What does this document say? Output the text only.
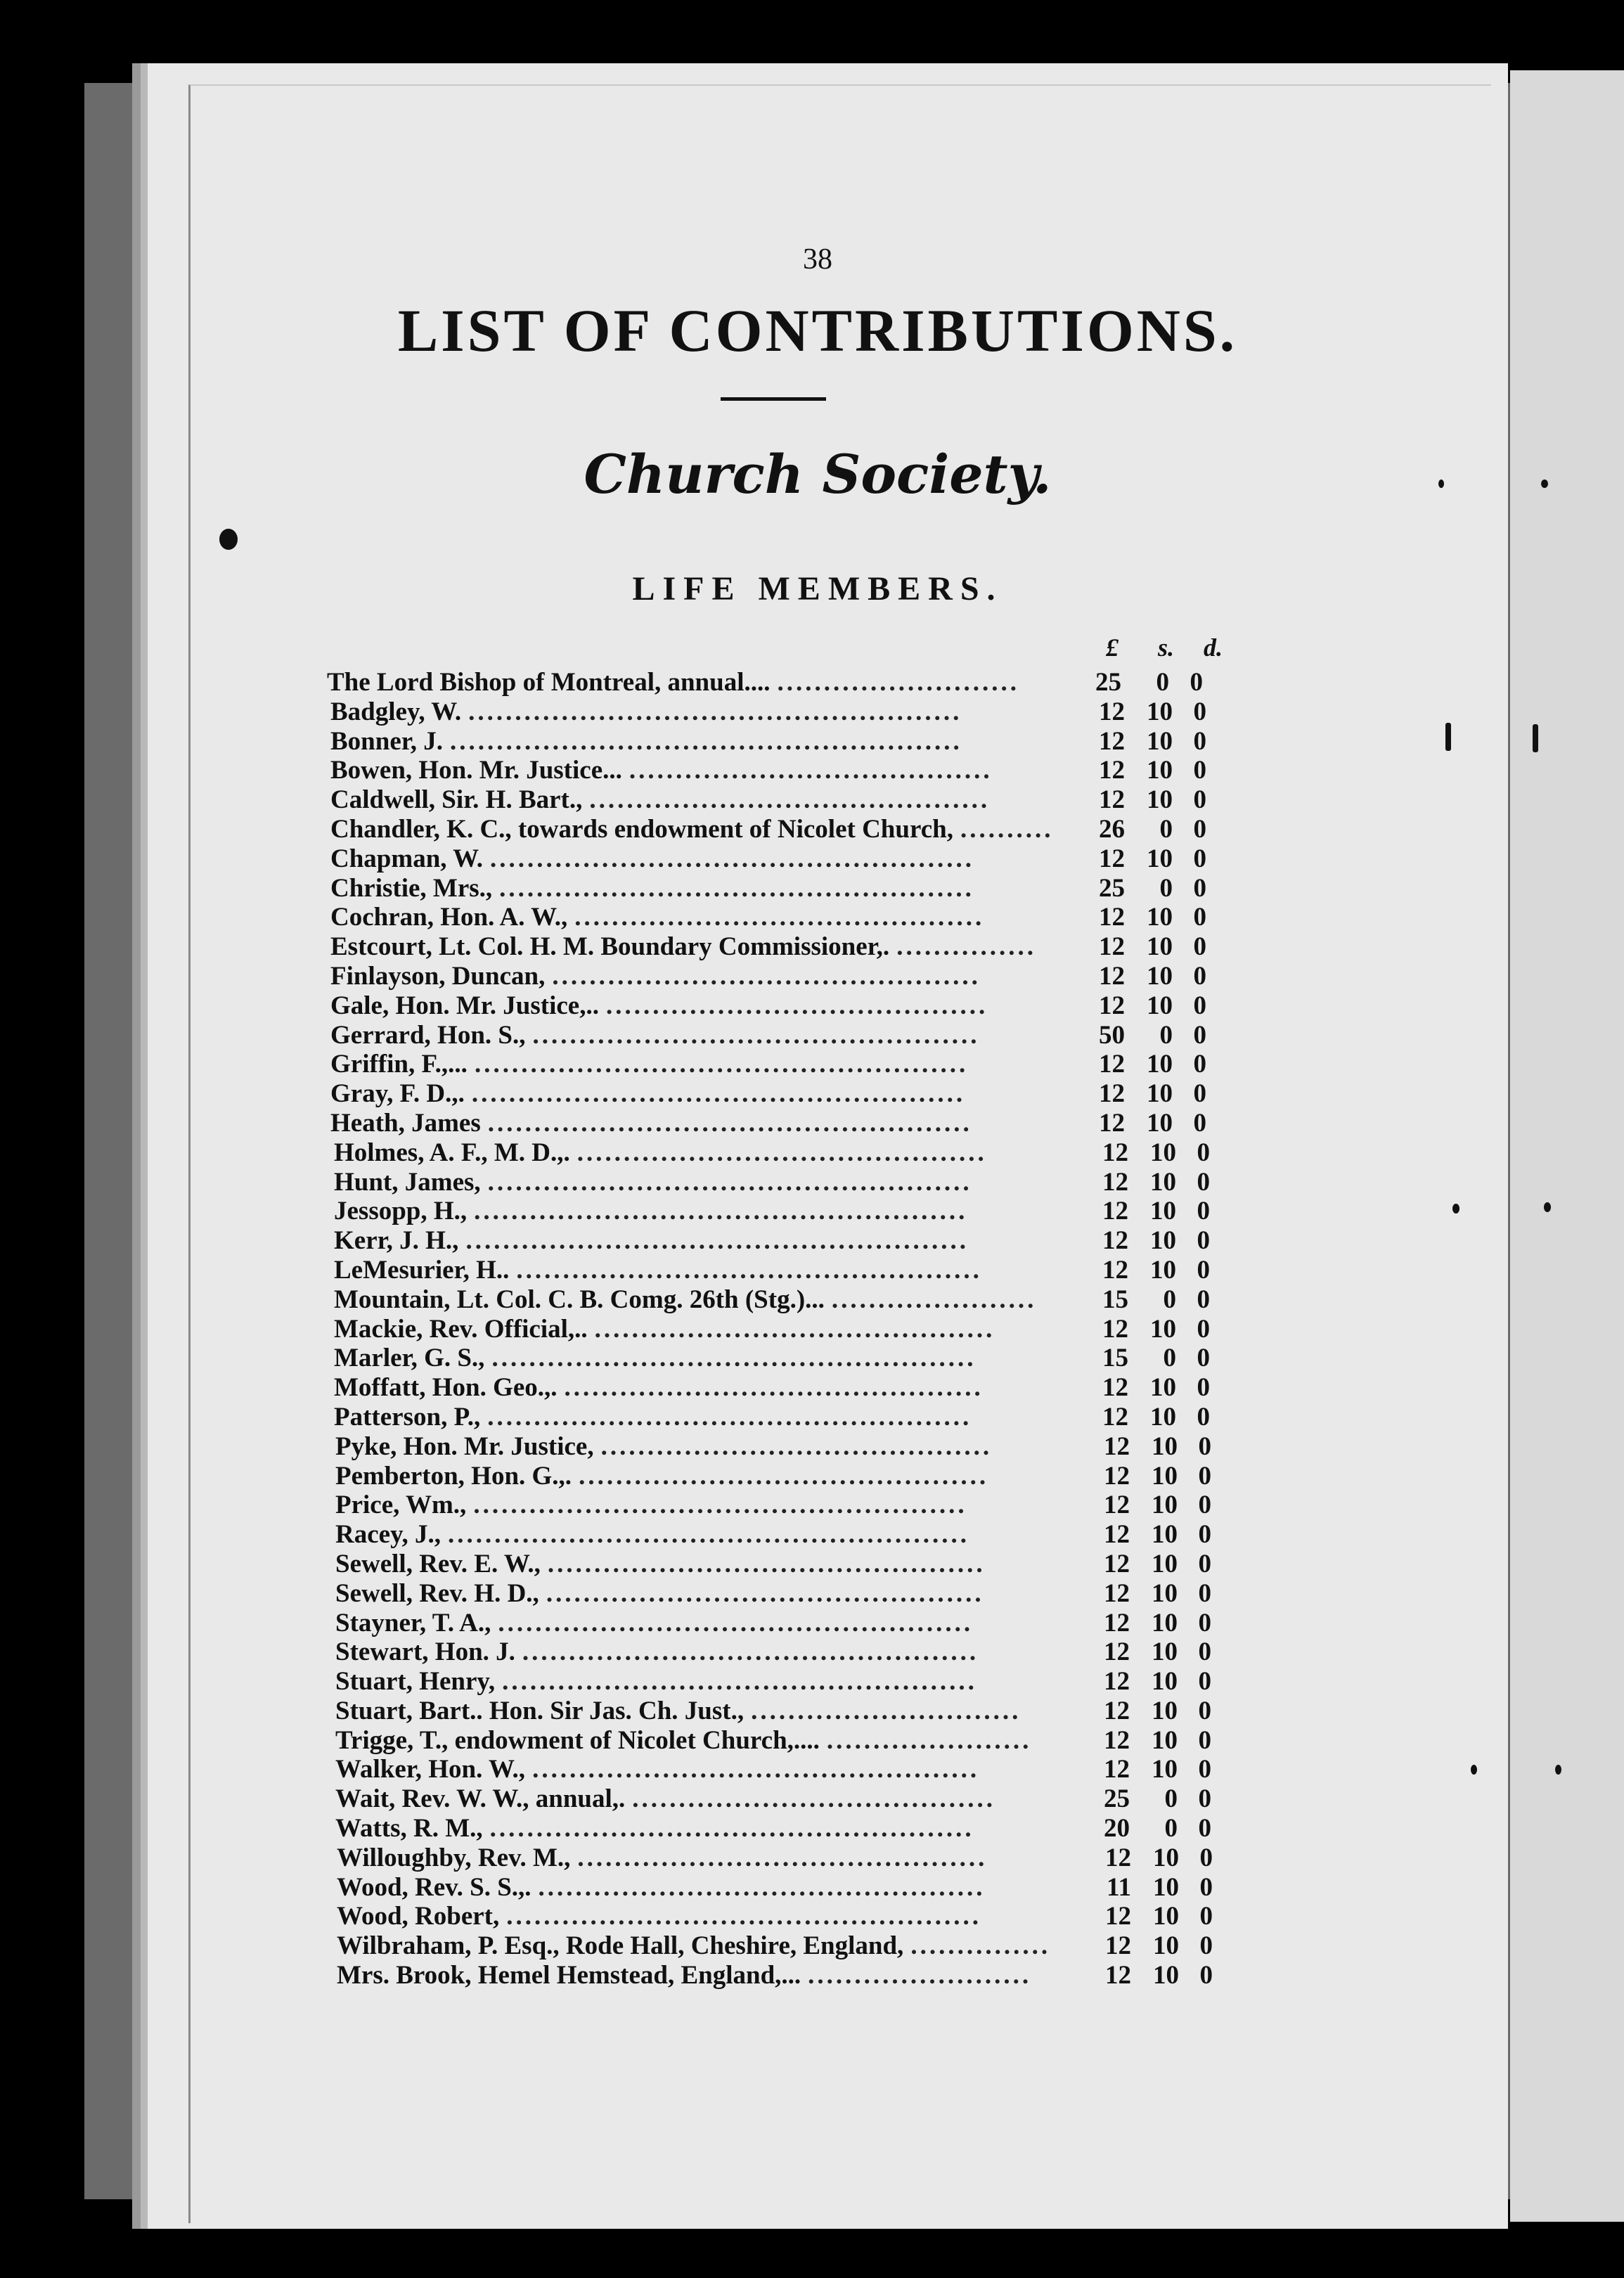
38
LIST OF CONTRIBUTIONS.
Church Society.
LIFE MEMBERS.
£ s. d.
..........................
The Lord Bishop of Montreal, annual....	25	0 0
.....................................................
Badgley, W.	12 10 0
.......................................................
Bonner, J.	12 10 0
.......................................
Bowen, Hon. Mr. Justice...	12 10 0
...........................................
Caldwell, Sir. H. Bart.,	12 10 0
..........
Chandler, K. C., towards endowment of Nicolet Church,	26	0 0
....................................................
Chapman, W.	12 10 0
...................................................
Christie, Mrs.,	25	0 0
............................................
Cochran, Hon. A. W.,	12 10 0
...............
Estcourt, Lt. Col. H. M. Boundary Commissioner,.	12 10 0
..............................................
Finlayson, Duncan,	12 10 0
.........................................
Gale, Hon. Mr. Justice,..	12 10 0
................................................
Gerrard, Hon. S.,	50	0 0
.....................................................
Griffin, F.,...	12 10 0
.....................................................
Gray, F. D.,.	12 10 0
....................................................
Heath, James	12 10 0
............................................
Holmes, A. F., M. D.,.	12 10 0
....................................................
Hunt, James,	12 10 0
.....................................................
Jessopp, H.,	12 10 0
......................................................
Kerr, J. H.,	12 10 0
..................................................
LeMesurier, H..	12 10 0
......................
Mountain, Lt. Col. C. B. Comg. 26th (Stg.)...	15	0 0
...........................................
Mackie, Rev. Official,..	12 10 0
....................................................
Marler, G. S.,	15	0 0
.............................................
Moffatt, Hon. Geo.,.	12 10 0
....................................................
Patterson, P.,	12 10 0
..........................................
Pyke, Hon. Mr. Justice,	12 10 0
............................................
Pemberton, Hon. G.,.	12 10 0
.....................................................
Price, Wm.,	12 10 0
........................................................
Racey, J.,	12 10 0
...............................................
Sewell, Rev. E. W.,	12 10 0
...............................................
Sewell, Rev. H. D.,	12 10 0
...................................................
Stayner, T. A.,	12 10 0
.................................................
Stewart, Hon. J.	12 10 0
...................................................
Stuart, Henry,	12 10 0
.............................
Stuart, Bart.. Hon. Sir Jas. Ch. Just.,	12 10 0
......................
Trigge, T., endowment of Nicolet Church,....	12 10 0
................................................
Walker, Hon. W.,	12 10 0
.......................................
Wait, Rev. W. W., annual,.	25	0 0
....................................................
Watts, R. M.,	20	0 0
............................................
Willoughby, Rev. M.,	12 10 0
................................................
Wood, Rev. S. S.,.	11 10 0
...................................................
Wood, Robert,	12 10 0
...............
Wilbraham, P. Esq., Rode Hall, Cheshire, England,	12 10 0
........................
Mrs. Brook, Hemel Hemstead, England,...	12 10 0
